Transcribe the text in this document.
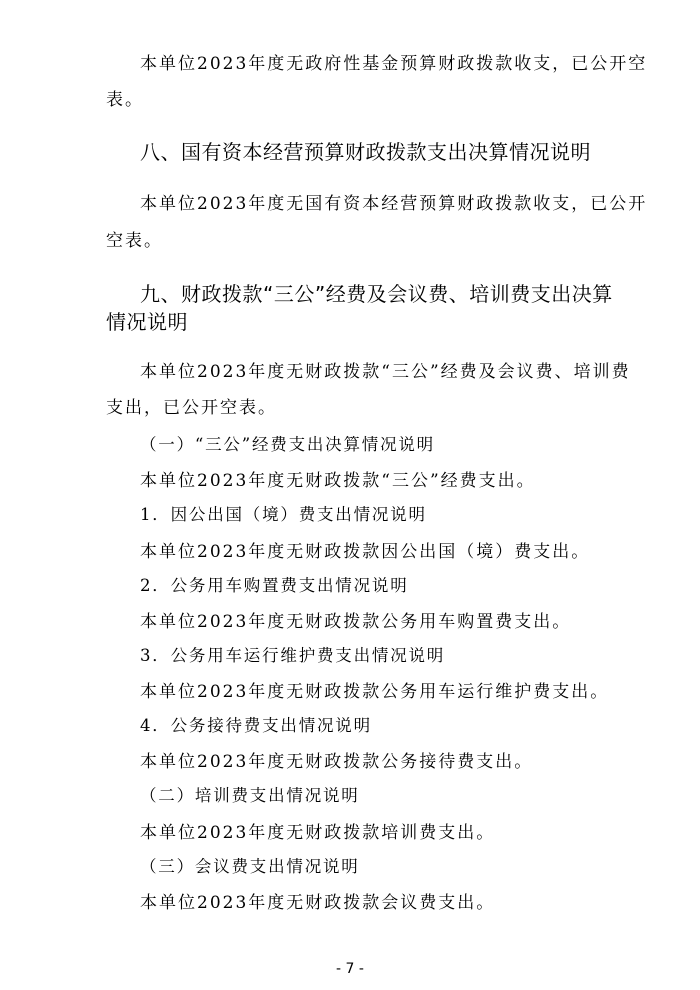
本单位2023年度无政府性基金预算财政拨款收支，已公开空
表。
八、国有资本经营预算财政拨款支出决算情况说明
本单位2023年度无国有资本经营预算财政拨款收支，已公开
空表。
九、财政拨款“三公”经费及会议费、培训费支出决算
情况说明
本单位2023年度无财政拨款“三公”经费及会议费、培训费
支出，已公开空表。
（一）“三公”经费支出决算情况说明
本单位2023年度无财政拨款“三公”经费支出。
1．因公出国（境）费支出情况说明
本单位2023年度无财政拨款因公出国（境）费支出。
2．公务用车购置费支出情况说明
本单位2023年度无财政拨款公务用车购置费支出。
3．公务用车运行维护费支出情况说明
本单位2023年度无财政拨款公务用车运行维护费支出。
4．公务接待费支出情况说明
本单位2023年度无财政拨款公务接待费支出。
（二）培训费支出情况说明
本单位2023年度无财政拨款培训费支出。
（三）会议费支出情况说明
本单位2023年度无财政拨款会议费支出。
- 7 -
